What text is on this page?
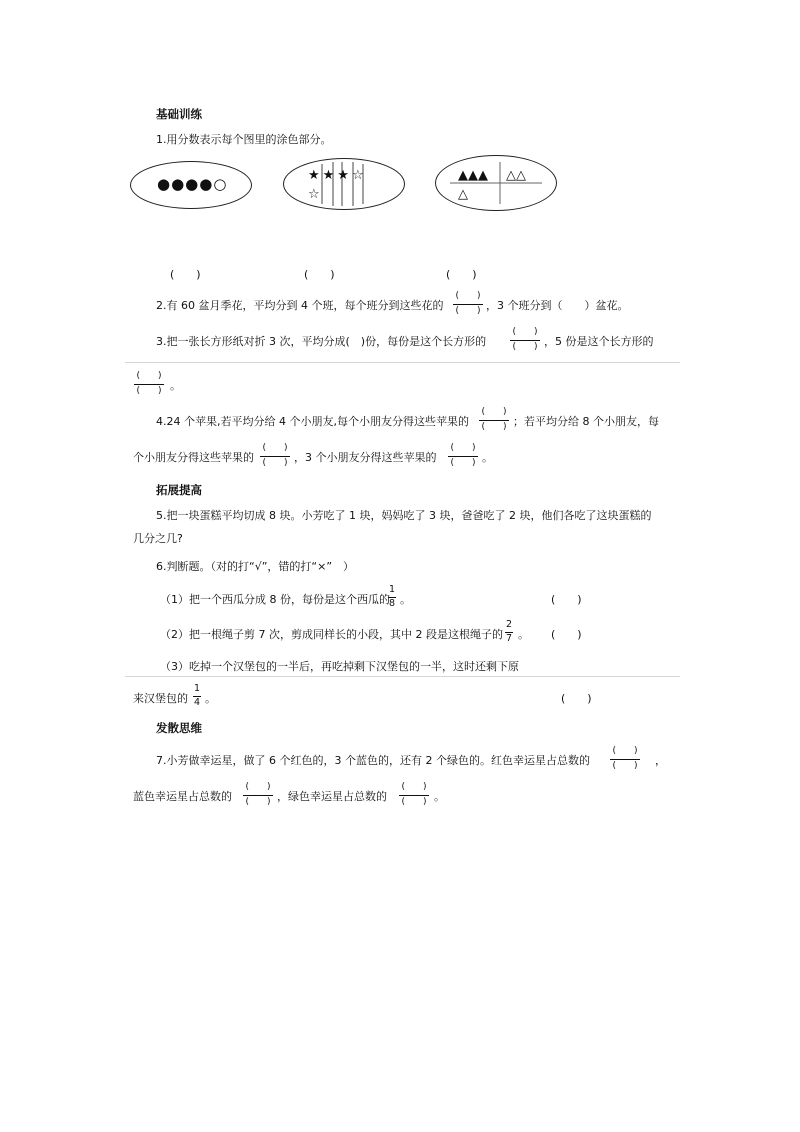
基础训练
1.用分数表示每个图里的涂色部分。
●●●●○	★★★☆
☆
▲▲▲ △△
△
(　　)	(　　)	(　　)
2.有 60 盆月季花，平均分到 4 个班，每个班分到这些花的
(　　)
(　　) ，3 个班分到（　　）盆花。
3.把一张长方形纸对折 3 次，平均分成(　)份，每份是这个长方形的
(　　)
(　　) ，5 份是这个长方形的
(　　)
(　　) 。
4.24 个苹果,若平均分给 4 个小朋友,每个小朋友分得这些苹果的
(　　)
(　　) ；若平均分给 8 个小朋友，每
个小朋友分得这些苹果的
(　　)
(　　) ，3 个小朋友分得这些苹果的
(　　)
(　　) 。
拓展提高
5.把一块蛋糕平均切成 8 块。小芳吃了 1 块，妈妈吃了 3 块，爸爸吃了 2 块，他们各吃了这块蛋糕的
几分之几?
6.判断题。（对的打“√”，错的打“×”　）
（1）把一个西瓜分成 8 份，每份是这个西瓜的
1
8 。	(　　)
（2）把一根绳子剪 7 次，剪成同样长的小段，其中 2 段是这根绳子的
2
7 。 (　　)
（3）吃掉一个汉堡包的一半后，再吃掉剩下汉堡包的一半，这时还剩下原
来汉堡包的
1
4 。	(　　)
发散思维
7.小芳做幸运星，做了 6 个红色的，3 个蓝色的，还有 2 个绿色的。红色幸运星占总数的
(　　)
(　　)	，
蓝色幸运星占总数的
(　　)
(　　) ，绿色幸运星占总数的
(　　)
(　　) 。
